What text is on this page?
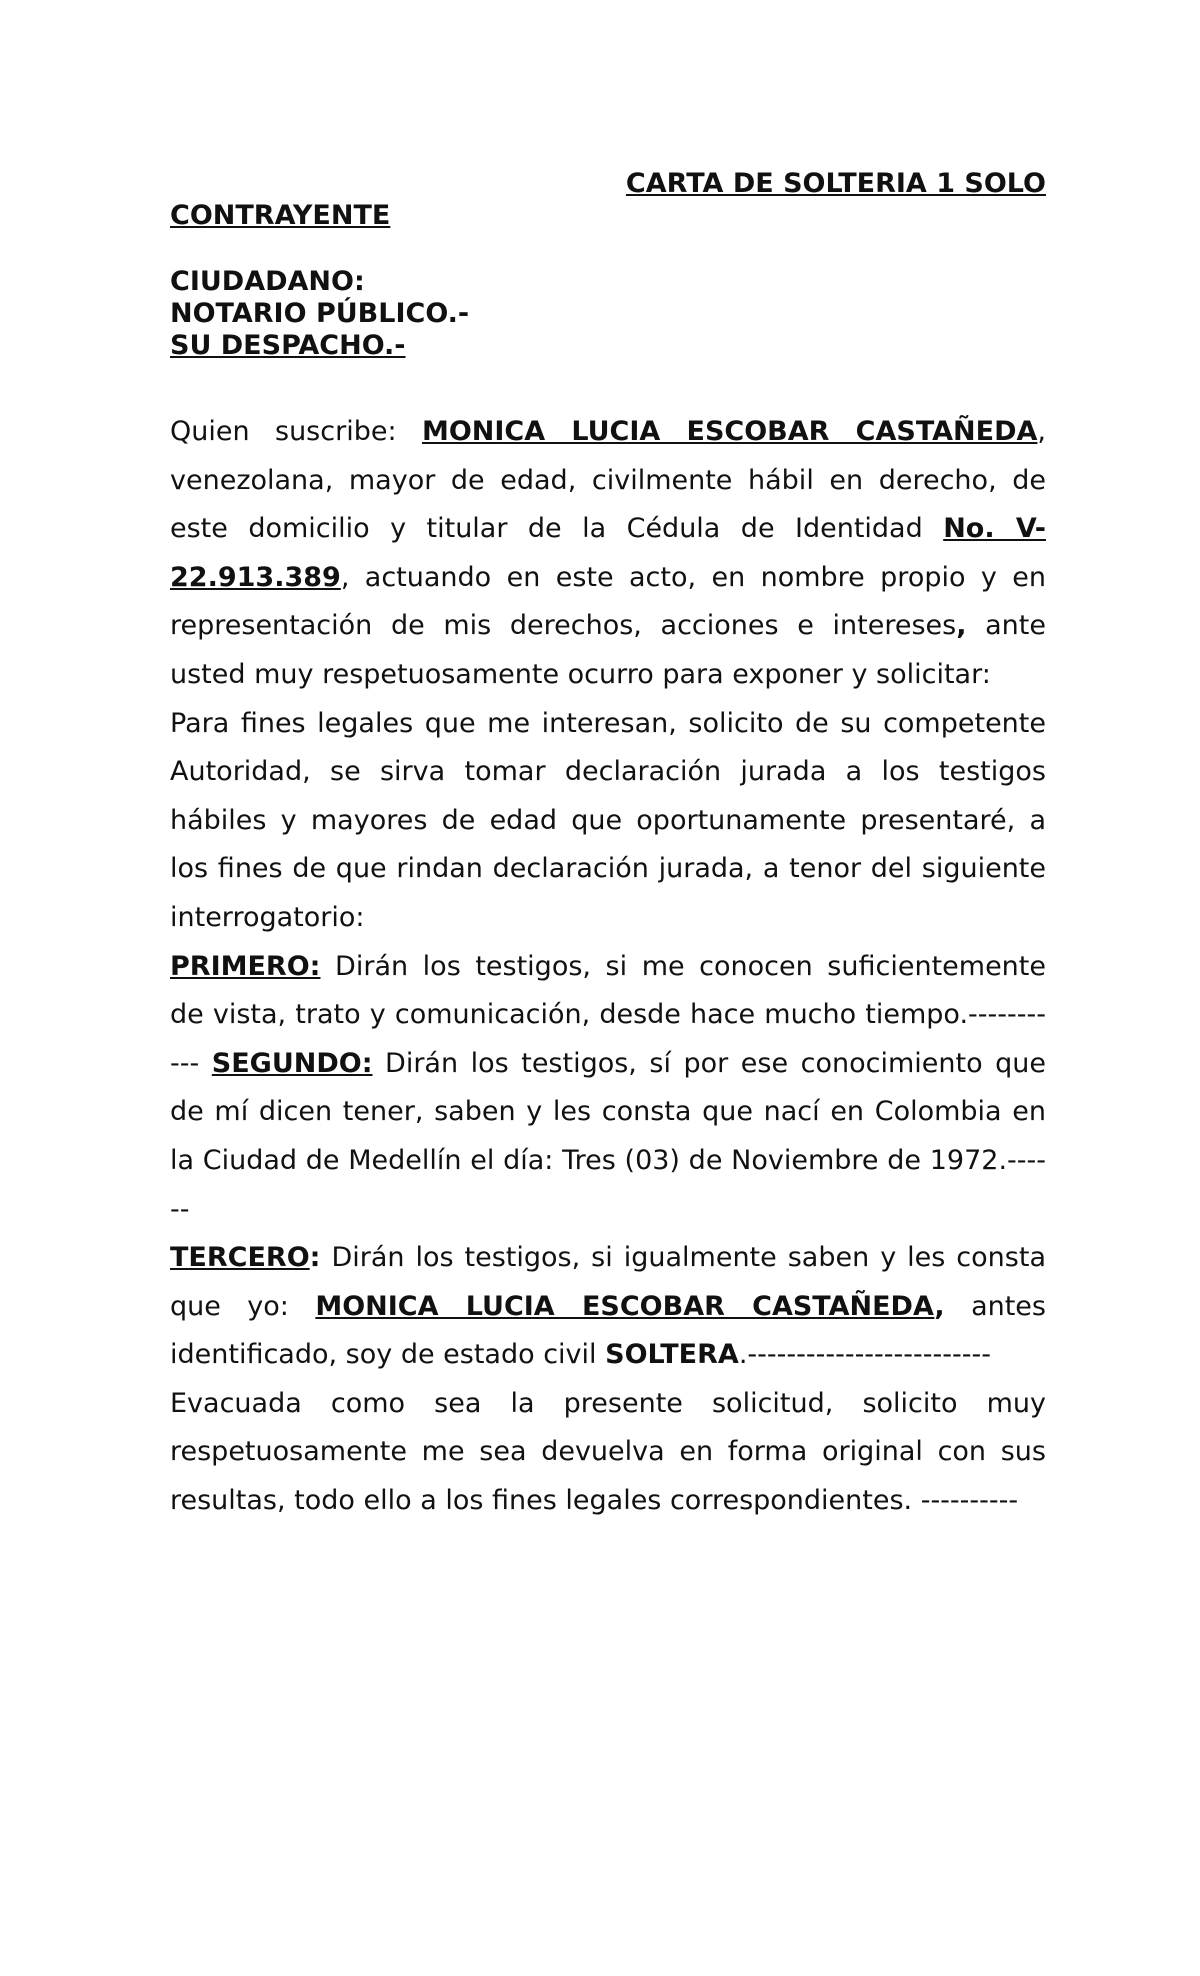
CARTA DE SOLTERIA 1 SOLO
CONTRAYENTE
CIUDADANO:
NOTARIO PÚBLICO.-
SU DESPACHO.-

Quien suscribe: MONICA LUCIA ESCOBAR CASTAÑEDA, venezolana, mayor de edad, civilmente hábil en derecho, de este domicilio y titular de la Cédula de Identidad No. V-22.913.389, actuando en este acto, en nombre propio y en representación de mis derechos, acciones e intereses, ante usted muy respetuosamente ocurro para exponer y solicitar:

Para fines legales que me interesan, solicito de su competente Autoridad, se sirva tomar declaración jurada a los testigos hábiles y mayores de edad que oportunamente presentaré, a los fines de que rindan declaración jurada, a tenor del siguiente interrogatorio:

PRIMERO: Dirán los testigos, si me conocen suficientemente de vista, trato y comunicación, desde hace mucho tiempo.----------- SEGUNDO: Dirán los testigos, sí por ese conocimiento que de mí dicen tener, saben y les consta que nací en Colombia en la Ciudad de Medellín el día: Tres (03) de Noviembre de 1972.------

TERCERO: Dirán los testigos, si igualmente saben y les consta que yo: MONICA LUCIA ESCOBAR CASTAÑEDA, antes identificado, soy de estado civil SOLTERA.-------------------------

Evacuada como sea la presente solicitud, solicito muy respetuosamente me sea devuelva en forma original con sus resultas, todo ello a los fines legales correspondientes. ----------
